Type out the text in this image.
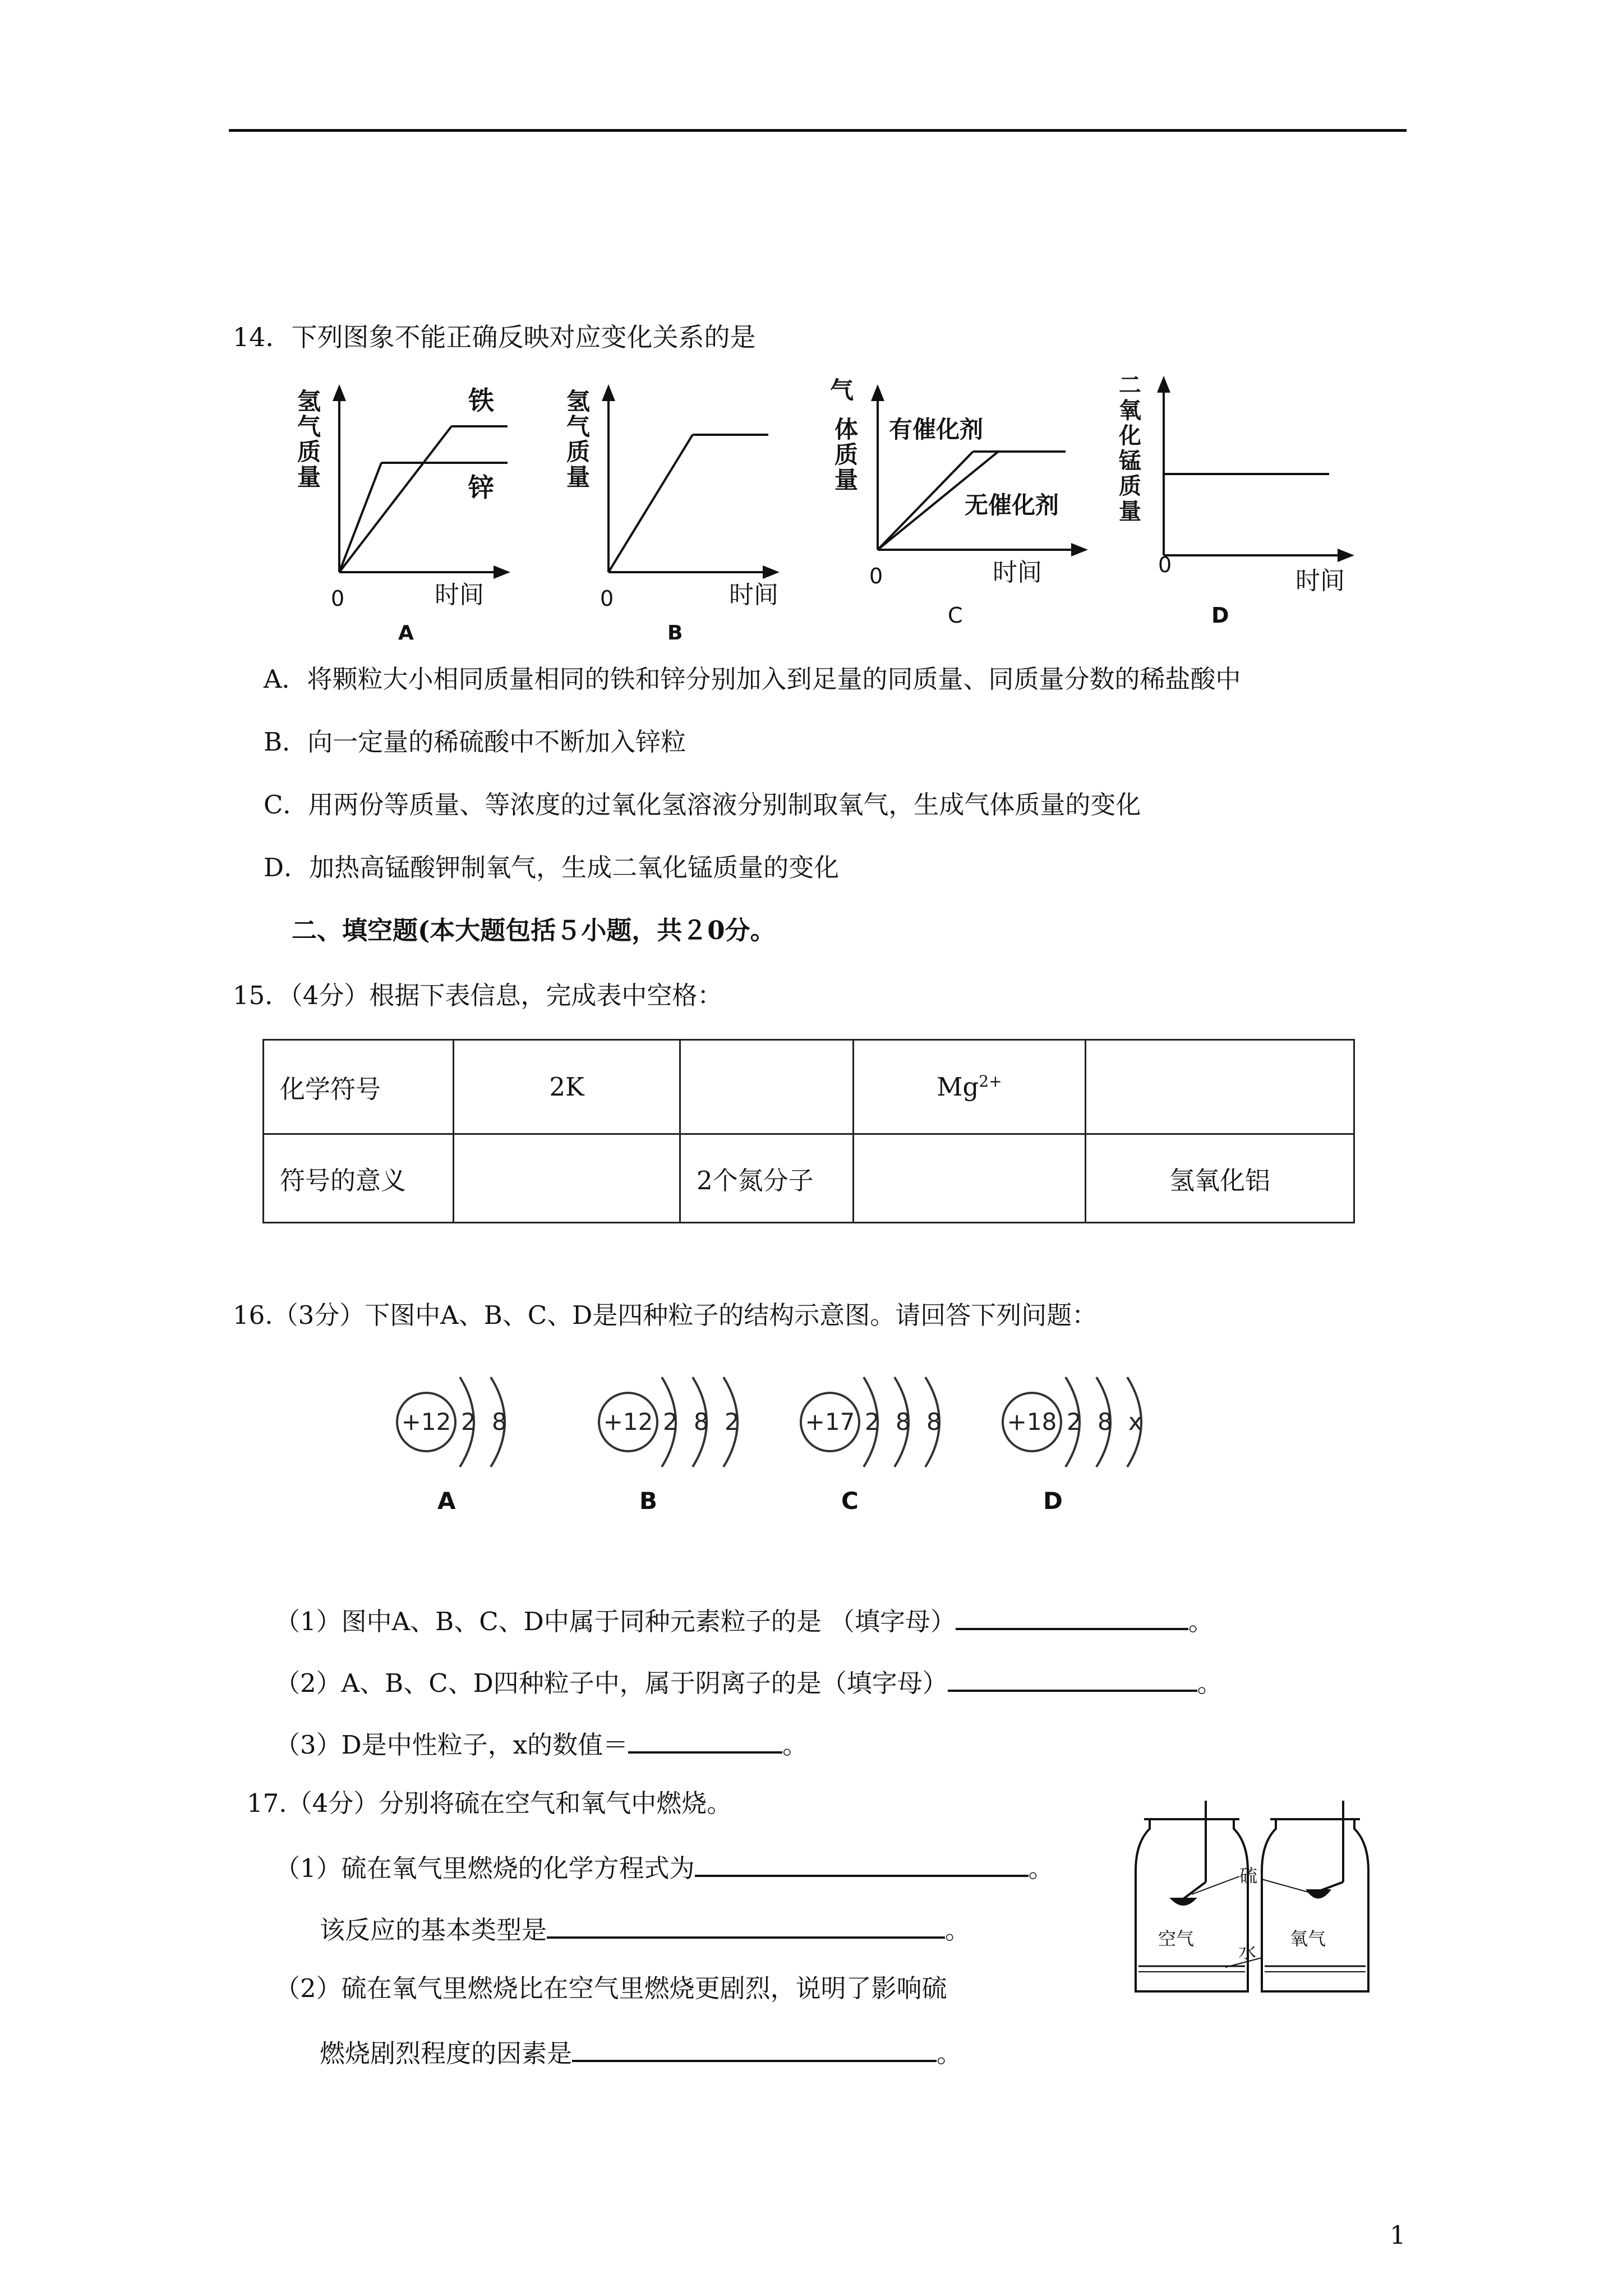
14．下列图象不能正确反映对应变化关系的是
氢
气
质
量
铁
锌
0	时间
A
氢
气
质
量
0	时间
B
气
体
质
量
有催化剂
无催化剂
0	时间
C
二
氧
化
锰
质
量
0
时间
D
A．将颗粒大小相同质量相同的铁和锌分别加入到足量的同质量、同质量分数的稀盐酸中
B．向一定量的稀硫酸中不断加入锌粒
C．用两份等质量、等浓度的过氧化氢溶液分别制取氧气，生成气体质量的变化
D．加热高锰酸钾制氧气，生成二氧化锰质量的变化
二、填空题(本大题包括５小题，共２0分。
15．（4分）根据下表信息，完成表中空格：
化学符号	2K		$Mg^{2+}$	
符号的意义		2个氮分子		氢氧化铝
16.（3分）下图中A、B、C、D是四种粒子的结构示意图。请回答下列问题：
+12 2 8
A
+12 2 8 2
B
+17 2 8 8
C
+18 2 8 x
D
（1）图中A、B、C、D中属于同种元素粒子的是 （填字母）	。
（2）A、B、C、D四种粒子中，属于阴离子的是（填字母）	。
（3）D是中性粒子，x的数值＝	。
17.（4分）分别将硫在空气和氧气中燃烧。
（1）硫在氧气里燃烧的化学方程式为	。
该反应的基本类型是	。
（2）硫在氧气里燃烧比在空气里燃烧更剧烈，说明了影响硫
燃烧剧烈程度的因素是	。
硫
空气
水
氧气
1
